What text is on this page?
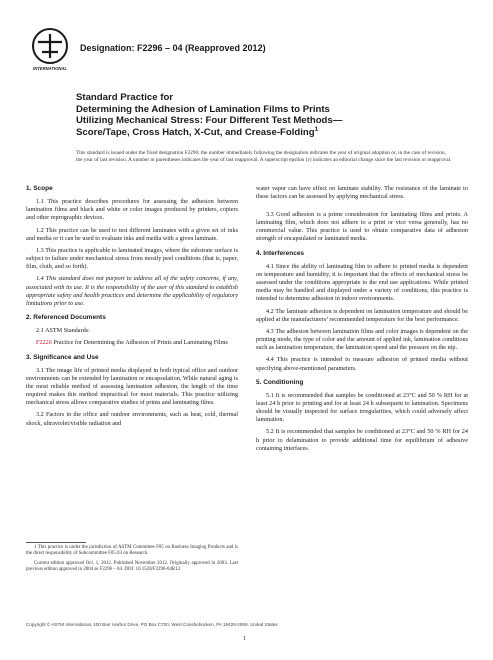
INTERNATIONAL
Designation: F2296 – 04 (Reapproved 2012)
Standard Practice for
Determining the Adhesion of Lamination Films to Prints
Utilizing Mechanical Stress: Four Different Test Methods—
Score/Tape, Cross Hatch, X-Cut, and Crease-Folding$^1$
This standard is issued under the fixed designation F2296; the number immediately following the designation indicates the year of original adoption or, in the case of revision, the year of last revision. A number in parentheses indicates the year of last reapproval. A superscript epsilon (ε) indicates an editorial change since the last revision or reapproval.
1. Scope

1.1 This practice describes procedures for assessing the adhesion between lamination films and black and white or color images produced by printers, copiers and other reprographic devices.

1.2 This practice can be used to test different laminates with a given set of inks and media or it can be used to evaluate inks and media with a given laminate.

1.3 This practice is applicable to laminated images, where the substrate surface is subject to failure under mechanical stress from mostly peel conditions (that is, paper, film, cloth, and so forth).

1.4 This standard does not purport to address all of the safety concerns, if any, associated with its use. It is the responsibility of the user of this standard to establish appropriate safety and health practices and determine the applicability of regulatory limitations prior to use.

2. Referenced Documents

2.1 ASTM Standards:

F2226 Practice for Determining the Adhesion of Prints and Laminating Films

3. Significance and Use

3.1 The image life of printed media displayed in both typical office and outdoor environments can be extended by lamination or encapsulation. While natural aging is the most reliable method of assessing lamination adhesion, the length of the time required makes this method impractical for most materials. This practice utilizing mechanical stress allows comparative studies of prints and laminating films.

3.2 Factors in the office and outdoor environments, such as heat, cold, thermal shock, ultraviolet/visible radiation and

water vapor can have effect on laminate stability. The resistance of the laminate to these factors can be assessed by applying mechanical stress.

3.3 Good adhesion is a prime consideration for laminating films and prints. A laminating film, which does not adhere to a print or vice versa generally, has no commercial value. This practice is used to obtain comparative data of adhesion strength of encapsulated or laminated media.

4. Interferences

4.1 Since the ability of laminating film to adhere to printed media is dependent on temperature and humidity, it is important that the effects of mechanical stress be assessed under the conditions appropriate to the end use applications. While printed media may be handled and displayed under a variety of conditions, this practice is intended to determine adhesion in indoor environments.

4.2 The laminate adhesion is dependent on lamination temperature and should be applied at the manufacturers’ recommended temperature for the best performance.

4.3 The adhesion between lamination films and color images is dependent on the printing mode, the type of color and the amount of applied ink, lamination conditions such as lamination temperature, the lamination speed and the pressure on the nip.

4.4 This practice is intended to measure adhesion of printed media without specifying above-mentioned parameters.

5. Conditioning

5.1 It is recommended that samples be conditioned at 23°C and 50 % RH for at least 24 h prior to printing and for at least 24 h subsequent to lamination. Specimens should be visually inspected for surface irregularities, which could adversely affect lamination.

5.2 It is recommended that samples be conditioned at 23°C and 50 % RH for 24 h prior to delamination to provide additional time for equilibrium of adhesive containing interfaces.

1 This practice is under the jurisdiction of ASTM Committee F05 on Business Imaging Products and is the direct responsibility of Subcommittee F05.03 on Research.

Current edition approved Oct. 1, 2012. Published November 2012. Originally approved in 2003. Last previous edition approved in 2004 as F2296 – 04. DOI: 10.1520/F2296-04R12.

Copyright © ASTM International, 100 Barr Harbor Drive, PO Box C700, West Conshohocken, PA 19428-2959. United States
1
